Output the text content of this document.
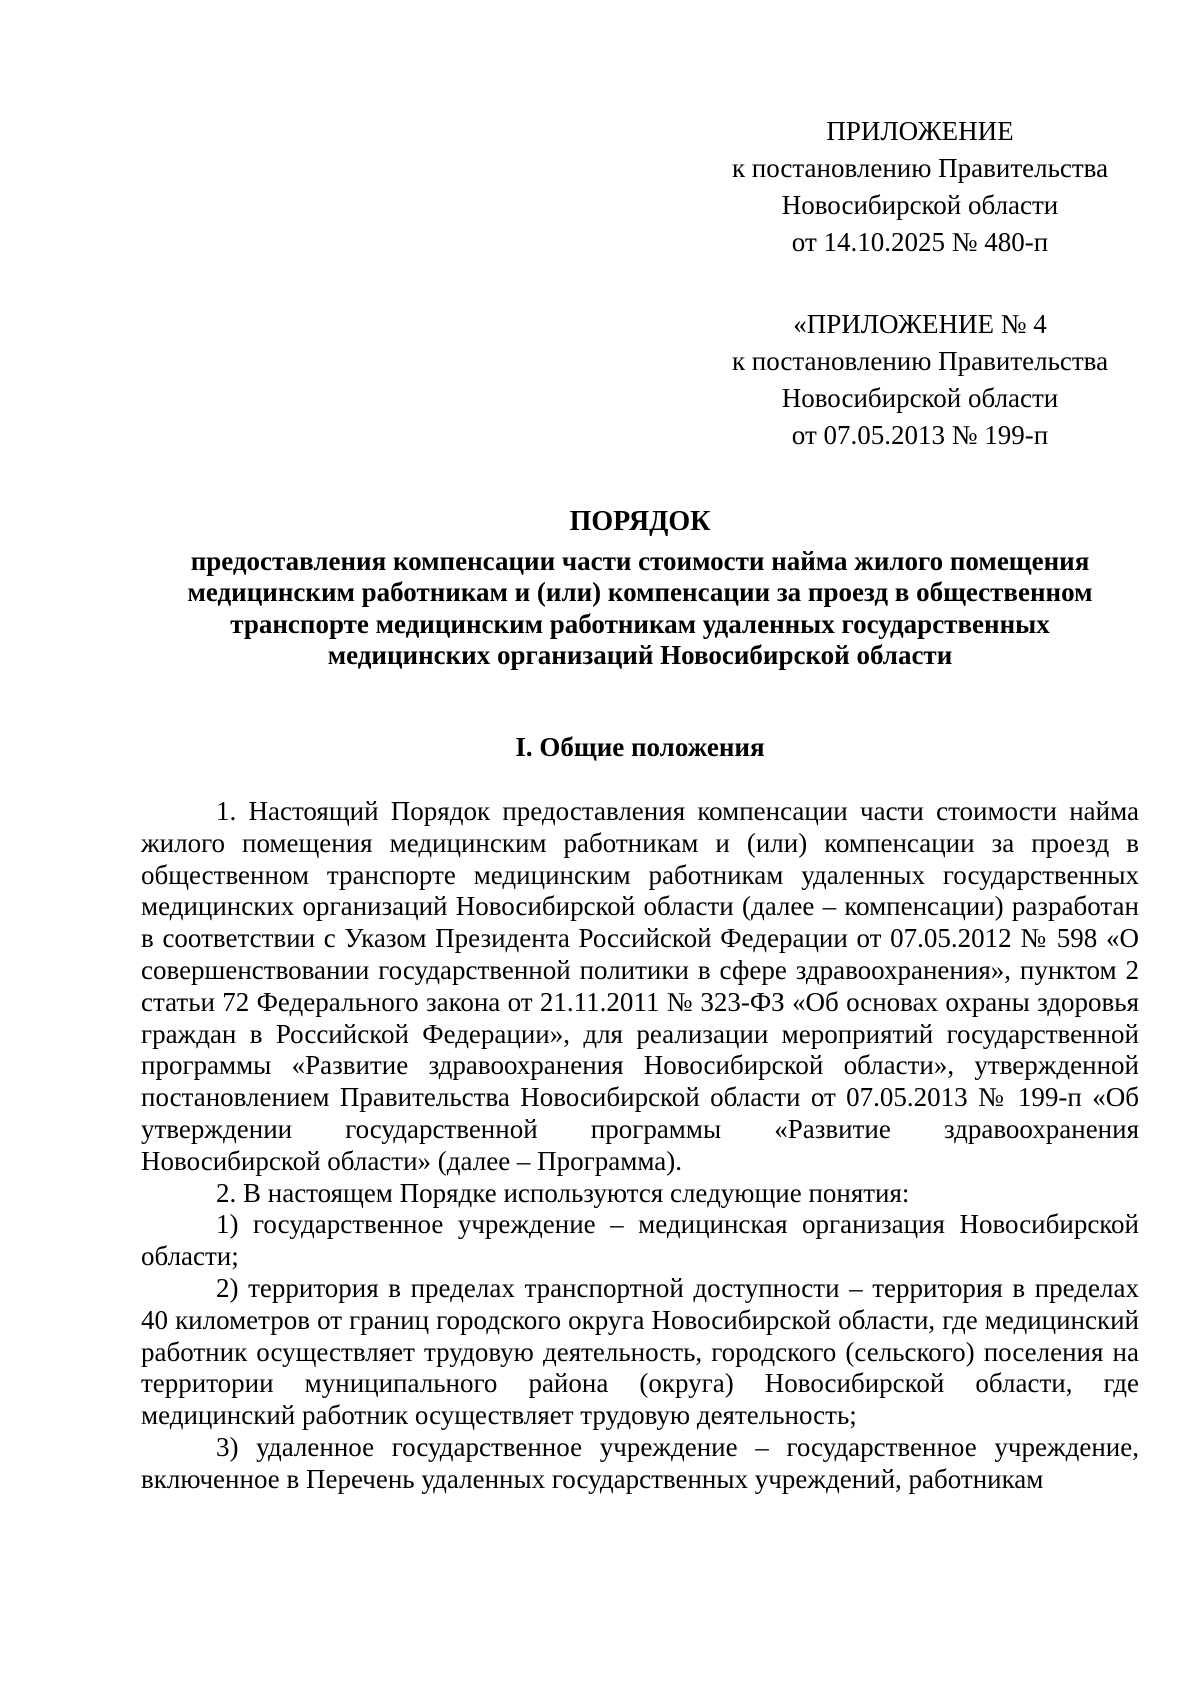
ПРИЛОЖЕНИЕ
к постановлению Правительства
Новосибирской области
от 14.10.2025 № 480-п
«ПРИЛОЖЕНИЕ № 4
к постановлению Правительства
Новосибирской области
от 07.05.2013 № 199-п
ПОРЯДОК
предоставления компенсации части стоимости найма жилого помещения
медицинским работникам и (или) компенсации за проезд в общественном
транспорте медицинским работникам удаленных государственных
медицинских организаций Новосибирской области
I. Общие положения

1. Настоящий Порядок предоставления компенсации части стоимости найма жилого помещения медицинским работникам и (или) компенсации за проезд в общественном транспорте медицинским работникам удаленных государственных медицинских организаций Новосибирской области (далее – компенсации) разработан в соответствии с Указом Президента Российской Федерации от 07.05.2012 № 598 «О совершенствовании государственной политики в сфере здравоохранения», пунктом 2 статьи 72 Федерального закона от 21.11.2011 № 323-ФЗ «Об основах охраны здоровья граждан в Российской Федерации», для реализации мероприятий государственной программы «Развитие здравоохранения Новосибирской области», утвержденной постановлением Правительства Новосибирской области от 07.05.2013 № 199-п «Об утверждении государственной программы «Развитие здравоохранения Новосибирской области» (далее – Программа).

2. В настоящем Порядке используются следующие понятия:

1) государственное учреждение – медицинская организация Новосибирской области;

2) территория в пределах транспортной доступности – территория в пределах 40 километров от границ городского округа Новосибирской области, где медицинский работник осуществляет трудовую деятельность, городского (сельского) поселения на территории муниципального района (округа) Новосибирской области, где медицинский работник осуществляет трудовую деятельность;

3) удаленное государственное учреждение – государственное учреждение, включенное в Перечень удаленных государственных учреждений, работникам
